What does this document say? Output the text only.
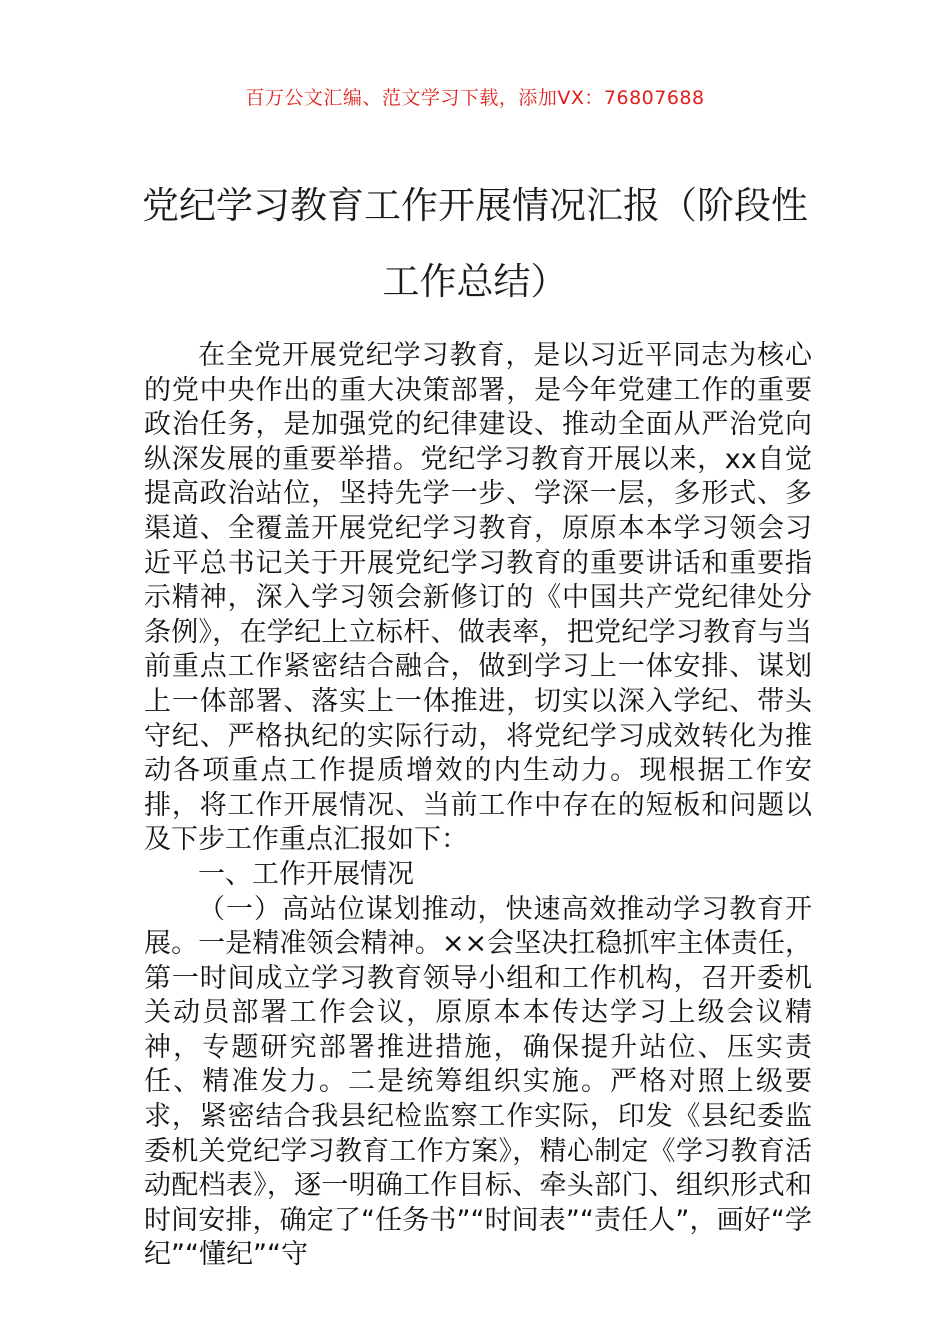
百万公文汇编、范文学习下载，添加VX：76807688
党纪学习教育工作开展情况汇报（阶段性
工作总结）

在全党开展党纪学习教育，是以习近平同志为核心的党中央作出的重大决策部署，是今年党建工作的重要政治任务，是加强党的纪律建设、推动全面从严治党向纵深发展的重要举措。党纪学习教育开展以来，xx自觉提高政治站位，坚持先学一步、学深一层，多形式、多渠道、全覆盖开展党纪学习教育，原原本本学习领会习近平总书记关于开展党纪学习教育的重要讲话和重要指示精神，深入学习领会新修订的《中国共产党纪律处分条例》，在学纪上立标杆、做表率，把党纪学习教育与当前重点工作紧密结合融合，做到学习上一体安排、谋划上一体部署、落实上一体推进，切实以深入学纪、带头守纪、严格执纪的实际行动，将党纪学习成效转化为推动各项重点工作提质增效的内生动力。现根据工作安排，将工作开展情况、当前工作中存在的短板和问题以及下步工作重点汇报如下：

一、工作开展情况

（一）高站位谋划推动，快速高效推动学习教育开展。一是精准领会精神。××会坚决扛稳抓牢主体责任，第一时间成立学习教育领导小组和工作机构，召开委机关动员部署工作会议，原原本本传达学习上级会议精神，专题研究部署推进措施，确保提升站位、压实责任、精准发力。二是统筹组织实施。严格对照上级要求，紧密结合我县纪检监察工作实际，印发《县纪委监委机关党纪学习教育工作方案》，精心制定《学习教育活动配档表》，逐一明确工作目标、牵头部门、组织形式和时间安排，确定了“任务书”“时间表”“责任人”，画好“学纪”“懂纪”“守
